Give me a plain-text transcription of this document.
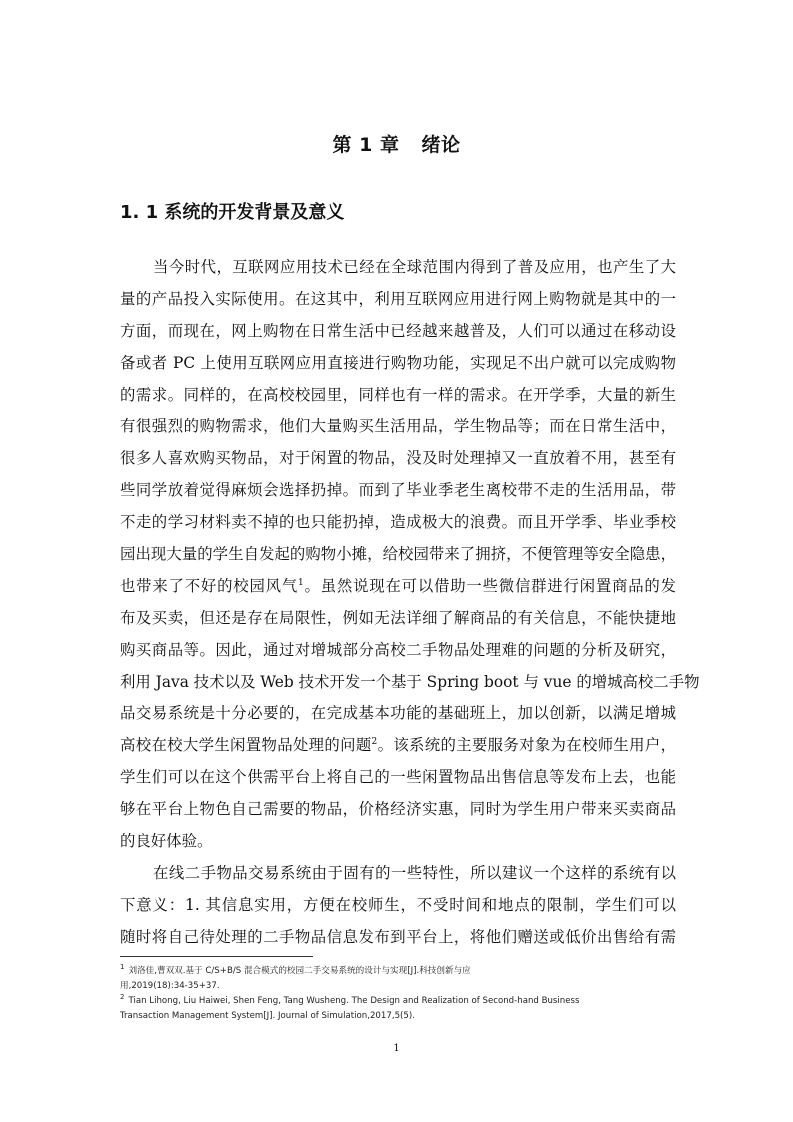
第 1 章 绪论
1. 1 系统的开发背景及意义
当今时代，互联网应用技术已经在全球范围内得到了普及应用，也产生了大
量的产品投入实际使用。在这其中，利用互联网应用进行网上购物就是其中的一
方面，而现在，网上购物在日常生活中已经越来越普及，人们可以通过在移动设
备或者 PC 上使用互联网应用直接进行购物功能，实现足不出户就可以完成购物
的需求。同样的，在高校校园里，同样也有一样的需求。在开学季，大量的新生
有很强烈的购物需求，他们大量购买生活用品，学生物品等；而在日常生活中，
很多人喜欢购买物品，对于闲置的物品，没及时处理掉又一直放着不用，甚至有
些同学放着觉得麻烦会选择扔掉。而到了毕业季老生离校带不走的生活用品，带
不走的学习材料卖不掉的也只能扔掉，造成极大的浪费。而且开学季、毕业季校
园出现大量的学生自发起的购物小摊，给校园带来了拥挤，不便管理等安全隐患，
也带来了不好的校园风气$^1$。虽然说现在可以借助一些微信群进行闲置商品的发
布及买卖，但还是存在局限性，例如无法详细了解商品的有关信息，不能快捷地
购买商品等。因此，通过对增城部分高校二手物品处理难的问题的分析及研究，
利用 Java 技术以及 Web 技术开发一个基于 Spring boot 与 vue 的增城高校二手物
品交易系统是十分必要的，在完成基本功能的基础班上，加以创新，以满足增城
高校在校大学生闲置物品处理的问题$^2$。该系统的主要服务对象为在校师生用户，
学生们可以在这个供需平台上将自己的一些闲置物品出售信息等发布上去，也能
够在平台上物色自己需要的物品，价格经济实惠，同时为学生用户带来买卖商品
的良好体验。
在线二手物品交易系统由于固有的一些特性，所以建议一个这样的系统有以
下意义：1. 其信息实用，方便在校师生，不受时间和地点的限制，学生们可以
随时将自己待处理的二手物品信息发布到平台上，将他们赠送或低价出售给有需
$^1$ 刘洛佳,曹双双.基于 C/S+B/S 混合模式的校园二手交易系统的设计与实现[J].科技创新与应
用,2019(18):34-35+37.
$^2$ Tian Lihong, Liu Haiwei, Shen Feng, Tang Wusheng. The Design and Realization of Second-hand Business
Transaction Management System[J]. Journal of Simulation,2017,5(5).
1
